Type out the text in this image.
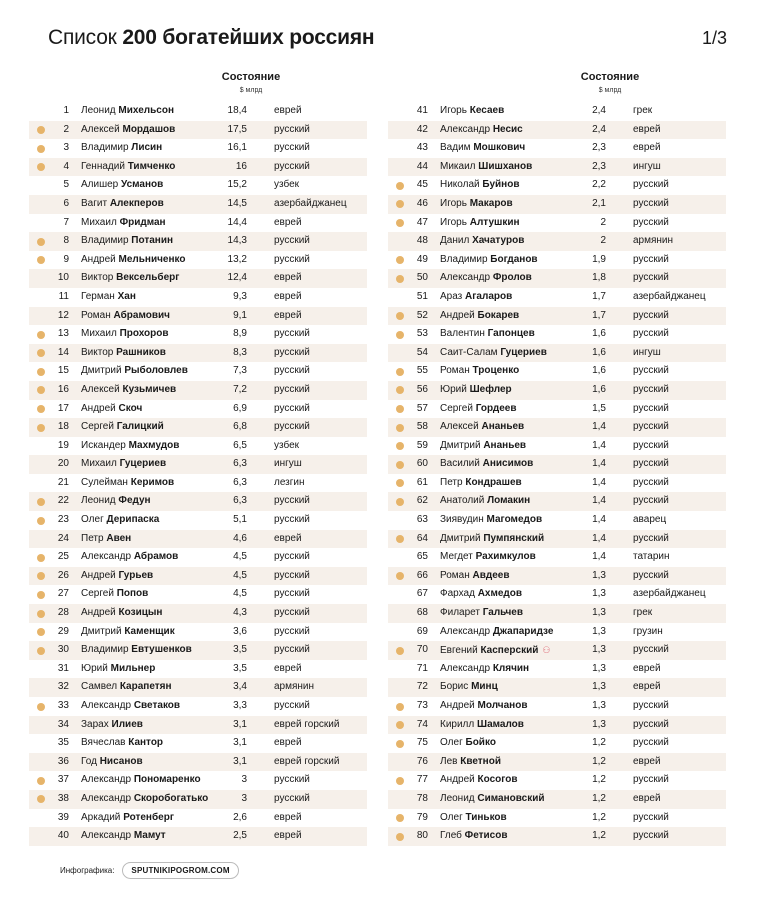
Список 200 богатейших россиян	1/3
Состояние
$ млрд
1 Леонид Михельсон	18,4	еврей
2 Алексей Мордашов	17,5	русский
3 Владимир Лисин	16,1	русский
4 Геннадий Тимченко	16	русский
5 Алишер Усманов	15,2	узбек
6 Вагит Алекперов	14,5	азербайджанец
7 Михаил Фридман	14,4	еврей
8 Владимир Потанин	14,3	русский
9 Андрей Мельниченко	13,2	русский
10 Виктор Вексельберг	12,4	еврей
11 Герман Хан	9,3	еврей
12 Роман Абрамович	9,1	еврей
13 Михаил Прохоров	8,9	русский
14 Виктор Рашников	8,3	русский
15 Дмитрий Рыболовлев	7,3	русский
16 Алексей Кузьмичев	7,2	русский
17 Андрей Скоч	6,9	русский
18 Сергей Галицкий	6,8	русский
19 Искандер Махмудов	6,5	узбек
20 Михаил Гуцериев	6,3	ингуш
21 Сулейман Керимов	6,3	лезгин
22 Леонид Федун	6,3	русский
23 Олег Дерипаска	5,1	русский
24 Петр Авен	4,6	еврей
25 Александр Абрамов	4,5	русский
26 Андрей Гурьев	4,5	русский
27 Сергей Попов	4,5	русский
28 Андрей Козицын	4,3	русский
29 Дмитрий Каменщик	3,6	русский
30 Владимир Евтушенков	3,5	русский
31 Юрий Мильнер	3,5	еврей
32 Самвел Карапетян	3,4	армянин
33 Александр Светаков	3,3	русский
34 Зарах Илиев	3,1	еврей горский
35 Вячеслав Кантор	3,1	еврей
36 Год Нисанов	3,1	еврей горский
37 Александр Пономаренко	3	русский
38 Александр Скоробогатько	3	русский
39 Аркадий Ротенберг	2,6	еврей
40 Александр Мамут	2,5	еврей
Состояние
$ млрд
41 Игорь Кесаев	2,4	грек
42 Александр Несис	2,4	еврей
43 Вадим Мошкович	2,3	еврей
44 Микаил Шишханов	2,3	ингуш
45 Николай Буйнов	2,2	русский
46 Игорь Макаров	2,1	русский
47 Игорь Алтушкин	2	русский
48 Данил Хачатуров	2	армянин
49 Владимир Богданов	1,9	русский
50 Александр Фролов	1,8	русский
51 Араз Агаларов	1,7	азербайджанец
52 Андрей Бокарев	1,7	русский
53 Валентин Гапонцев	1,6	русский
54 Саит-Салам Гуцериев	1,6	ингуш
55 Роман Троценко	1,6	русский
56 Юрий Шефлер	1,6	русский
57 Сергей Гордеев	1,5	русский
58 Алексей Ананьев	1,4	русский
59 Дмитрий Ананьев	1,4	русский
60 Василий Анисимов	1,4	русский
61 Петр Кондрашев	1,4	русский
62 Анатолий Ломакин	1,4	русский
63 Зиявудин Магомедов	1,4	аварец
64 Дмитрий Пумпянский	1,4	русский
65 Мегдет Рахимкулов	1,4	татарин
66 Роман Авдеев	1,3	русский
67 Фархад Ахмедов	1,3	азербайджанец
68 Филарет Гальчев	1,3	грек
69 Александр Джапаридзе	1,3	грузин
70 Евгений Касперский ⚇	1,3	русский
71 Александр Клячин	1,3	еврей
72 Борис Минц	1,3	еврей
73 Андрей Молчанов	1,3	русский
74 Кирилл Шамалов	1,3	русский
75 Олег Бойко	1,2	русский
76 Лев Кветной	1,2	еврей
77 Андрей Косогов	1,2	русский
78 Леонид Симановский	1,2	еврей
79 Олег Тиньков	1,2	русский
80 Глеб Фетисов	1,2	русский
Инфографика:	SPUTNIKIPOGROM.COM
